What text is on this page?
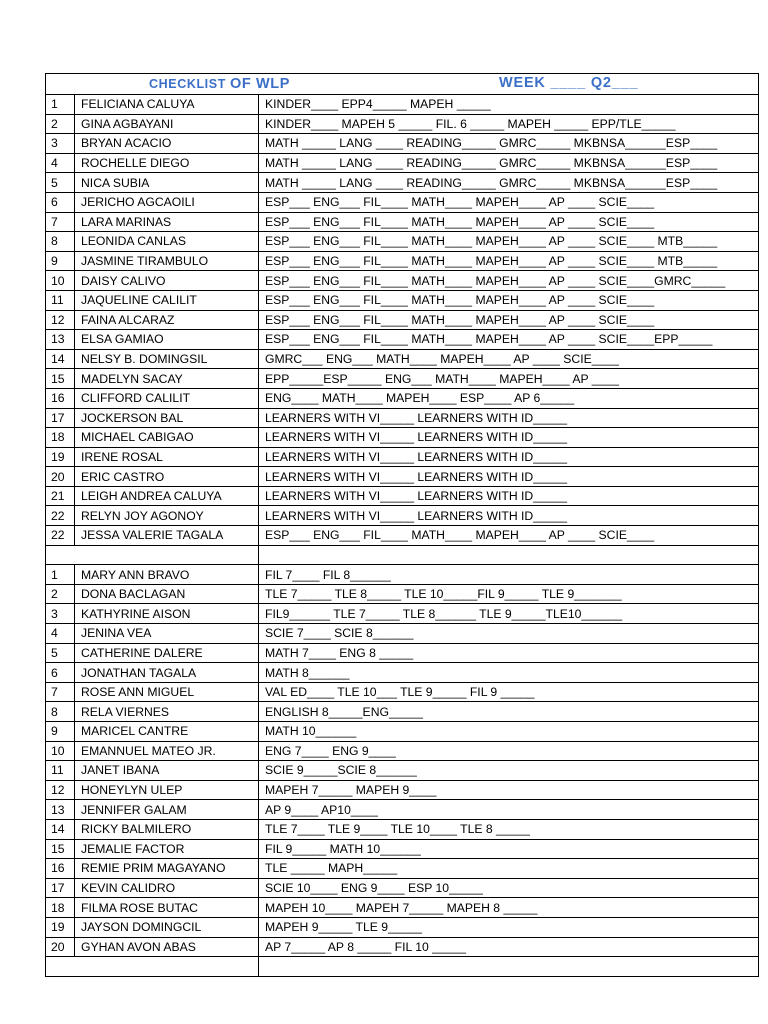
CHECKLIST OF WLP WEEK ____ Q2___		

1	FELICIANA CALUYA	KINDER____ EPP4_____ MAPEH _____
2	GINA AGBAYANI	KINDER____ MAPEH 5 _____ FIL. 6 _____ MAPEH _____ EPP/TLE_____
3	BRYAN ACACIO	MATH _____ LANG ____ READING_____ GMRC_____ MKBNSA______ESP____
4	ROCHELLE DIEGO	MATH _____ LANG ____ READING_____ GMRC_____ MKBNSA______ESP____
5	NICA SUBIA	MATH _____ LANG ____ READING_____ GMRC_____ MKBNSA______ESP____
6	JERICHO AGCAOILI	ESP___ ENG___ FIL____ MATH____ MAPEH____ AP ____ SCIE____
7	LARA MARINAS	ESP___ ENG___ FIL____ MATH____ MAPEH____ AP ____ SCIE____
8	LEONIDA CANLAS	ESP___ ENG___ FIL____ MATH____ MAPEH____ AP ____ SCIE____ MTB_____
9	JASMINE TIRAMBULO	ESP___ ENG___ FIL____ MATH____ MAPEH____ AP ____ SCIE____ MTB_____
10	DAISY CALIVO	ESP___ ENG___ FIL____ MATH____ MAPEH____ AP ____ SCIE____GMRC_____
11	JAQUELINE CALILIT	ESP___ ENG___ FIL____ MATH____ MAPEH____ AP ____ SCIE____
12	FAINA ALCARAZ	ESP___ ENG___ FIL____ MATH____ MAPEH____ AP ____ SCIE____
13	ELSA GAMIAO	ESP___ ENG___ FIL____ MATH____ MAPEH____ AP ____ SCIE____EPP_____
14	NELSY B. DOMINGSIL	GMRC___ ENG___ MATH____ MAPEH____ AP ____ SCIE____
15	MADELYN SACAY	EPP_____ESP_____ ENG___ MATH____ MAPEH____ AP ____
16	CLIFFORD CALILIT	ENG____ MATH____ MAPEH____ ESP____ AP 6_____
17	JOCKERSON BAL	LEARNERS WITH VI_____ LEARNERS WITH ID_____
18	MICHAEL CABIGAO	LEARNERS WITH VI_____ LEARNERS WITH ID_____
19	IRENE ROSAL	LEARNERS WITH VI_____ LEARNERS WITH ID_____
20	ERIC CASTRO	LEARNERS WITH VI_____ LEARNERS WITH ID_____
21	LEIGH ANDREA CALUYA	LEARNERS WITH VI_____ LEARNERS WITH ID_____
22	RELYN JOY AGONOY	LEARNERS WITH VI_____ LEARNERS WITH ID_____
22	JESSA VALERIE TAGALA	ESP___ ENG___ FIL____ MATH____ MAPEH____ AP ____ SCIE____

1	MARY ANN BRAVO	FIL 7____ FIL 8______
2	DONA BACLAGAN	TLE 7_____ TLE 8_____ TLE 10_____FIL 9_____ TLE 9_______
3	KATHYRINE AISON	FIL9______ TLE 7_____ TLE 8______ TLE 9_____TLE10______
4	JENINA VEA	SCIE 7____ SCIE 8______
5	CATHERINE DALERE	MATH 7____ ENG 8 _____
6	JONATHAN TAGALA	MATH 8______
7	ROSE ANN MIGUEL	VAL ED____ TLE 10___ TLE 9_____ FIL 9 _____
8	RELA VIERNES	ENGLISH 8_____ENG_____
9	MARICEL CANTRE	MATH 10______
10	EMANNUEL MATEO JR.	ENG 7____ ENG 9____
11	JANET IBANA	SCIE 9_____SCIE 8______
12	HONEYLYN ULEP	MAPEH 7_____ MAPEH 9____
13	JENNIFER GALAM	AP 9____ AP10____
14	RICKY BALMILERO	TLE 7____ TLE 9____ TLE 10____ TLE 8 _____
15	JEMALIE FACTOR	FIL 9_____ MATH 10______
16	REMIE PRIM MAGAYANO	TLE _____ MAPH_____
17	KEVIN CALIDRO	SCIE 10____ ENG 9____ ESP 10_____
18	FILMA ROSE BUTAC	MAPEH 10____ MAPEH 7_____ MAPEH 8 _____
19	JAYSON DOMINGCIL	MAPEH 9_____ TLE 9_____
20	GYHAN AVON ABAS	AP 7_____ AP 8 _____ FIL 10 _____
